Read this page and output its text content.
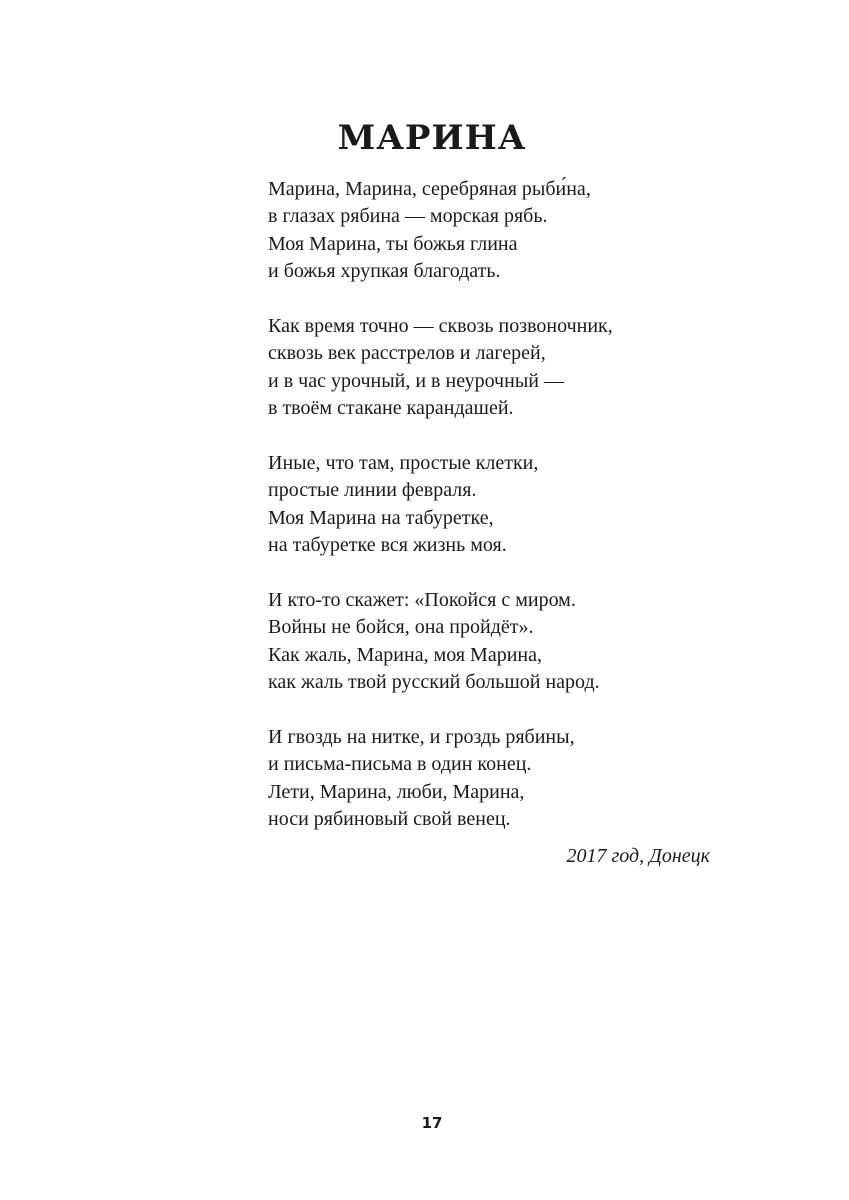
МАРИНА
Марина, Марина, серебряная рыби́на,
в глазах рябина — морская рябь.
Моя Марина, ты божья глина
и божья хрупкая благодать.
Как время точно — сквозь позвоночник,
сквозь век расстрелов и лагерей,
и в час урочный, и в неурочный —
в твоём стакане карандашей.
Иные, что там, простые клетки,
простые линии февраля.
Моя Марина на табуретке,
на табуретке вся жизнь моя.
И кто-то скажет: «Покойся с миром.
Войны не бойся, она пройдёт».
Как жаль, Марина, моя Марина,
как жаль твой русский большой народ.
И гвоздь на нитке, и гроздь рябины,
и письма-письма в один конец.
Лети, Марина, люби, Марина,
носи рябиновый свой венец.
2017 год, Донецк
17
